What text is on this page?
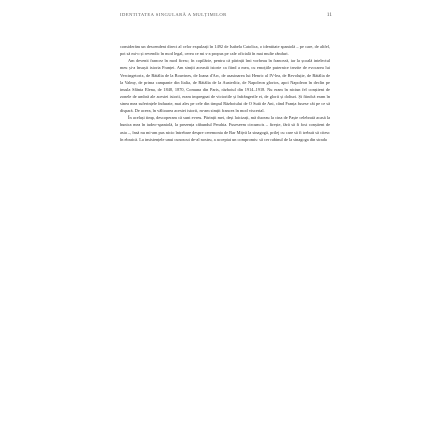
IDENTITATEA SINGULARĂ A MULȚIMILOR	11

considerăm un descendent direct al celor expulzați în 1492 de Isabela Catolica, o identitate spaniolă – pe care, de altfel, pot să mi-o și revendic în mod legal, cerea ce mi s-a propus pe cale oficială în mai multe rânduri.

Am devenit francez în mod firesc; în copilărie, pentru că părinții îmi vorbeau în franceză, iar la școală intelectul meu și-a însușit istoria Franței. Am simțit această istorie ca fiind a mea, cu emoțiile puternice trezite de evocarea lui Vercingetorix, de Bătălia de la Bouvines, de Ioana d'Arc, de asasinarea lui Henric al IV-lea, de Revoluție, de Bătălia de la Valmy, de prima campanie din Italia, de Bătălia de la Austerlitz, de Napoleon glorios, apoi Napoleon în declin pe insula Sfânta Elena, de 1848, 1870, Comuna din Paris, războiul din 1914–1918. Nu eram în niciun fel conștient de zonele de umbră ale acestei istorii, eram impregnat de victoriile și înfrângerile ei, de glorii și dolturi. Și fiindcă eram în sinea mea suferințele îndurate, mai ales pe cele din timpul Războiului de O Sută de Ani, când Franța fusese cât pe ce să dispară. De aceea, în vâltoarea acestei istorii, m-am simțit francez în mod viscerial.

În același timp, descoperam că sunt evreu. Părinții mei, deși laicizați, mă duceau la cina de Paște celebrată acasă la bunica mea în iudeo-spaniolă, la prezența căbundul Perahia. Fuseseem circumcis – firește, fără să fi fost conștient de asta –, însă nu mi-am pus nicio întrebare despre ceremonia de Bar Mițvă la sinagogă, prilej cu care să fi trebuit să citesc în ebraică. La insistențele unui cunoscut de-al nostru, a acceptat un compromis: să cer rabinul de la sinagoga din strada
